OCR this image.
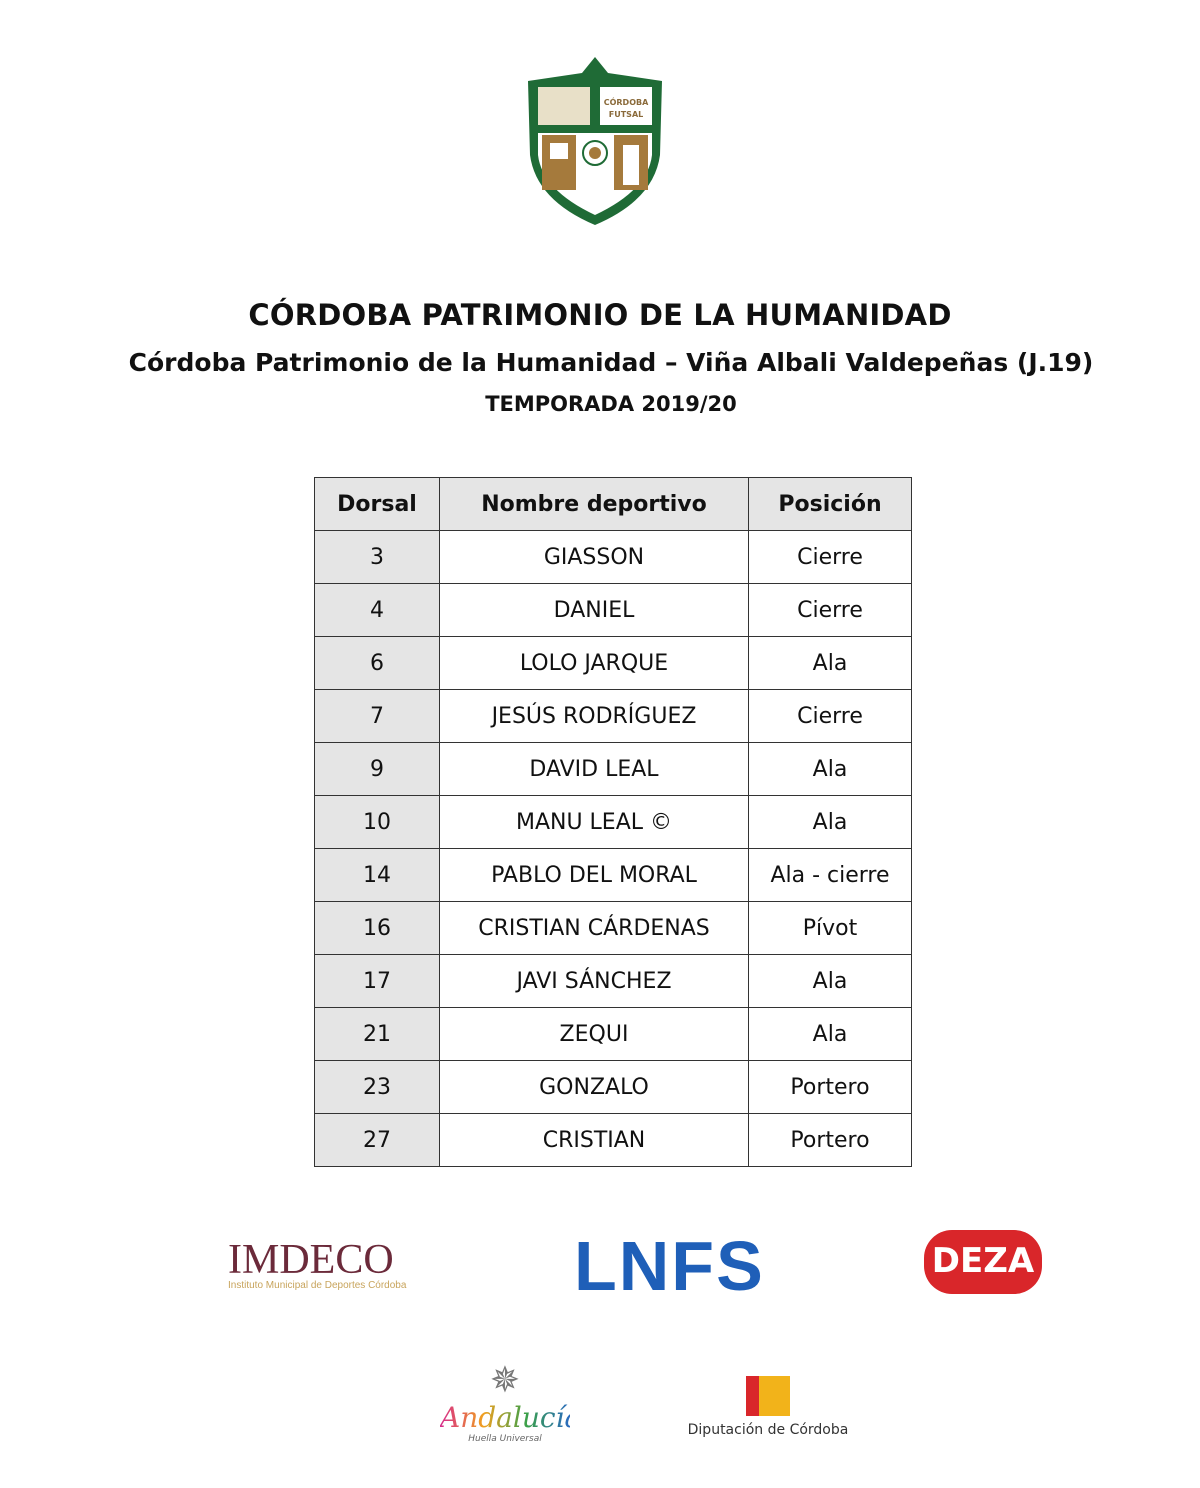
CÓRDOBA
FUTSAL
CÓRDOBA PATRIMONIO DE LA HUMANIDAD
Córdoba Patrimonio de la Humanidad – Viña Albali Valdepeñas (J.19)
TEMPORADA 2019/20
Dorsal	Nombre deportivo	Posición
3	GIASSON	Cierre
4	DANIEL	Cierre
6	LOLO JARQUE	Ala
7	JESÚS RODRÍGUEZ	Cierre
9	DAVID LEAL	Ala
10	MANU LEAL ©	Ala
14	PABLO DEL MORAL	Ala - cierre
16	CRISTIAN CÁRDENAS	Pívot
17	JAVI SÁNCHEZ	Ala
21	ZEQUI	Ala
23	GONZALO	Portero
27	CRISTIAN	Portero
IMDECO
Instituto Municipal de Deportes Córdoba LNFS	DEZA
✵
Andalucía
Huella Universal
Diputación de Córdoba
